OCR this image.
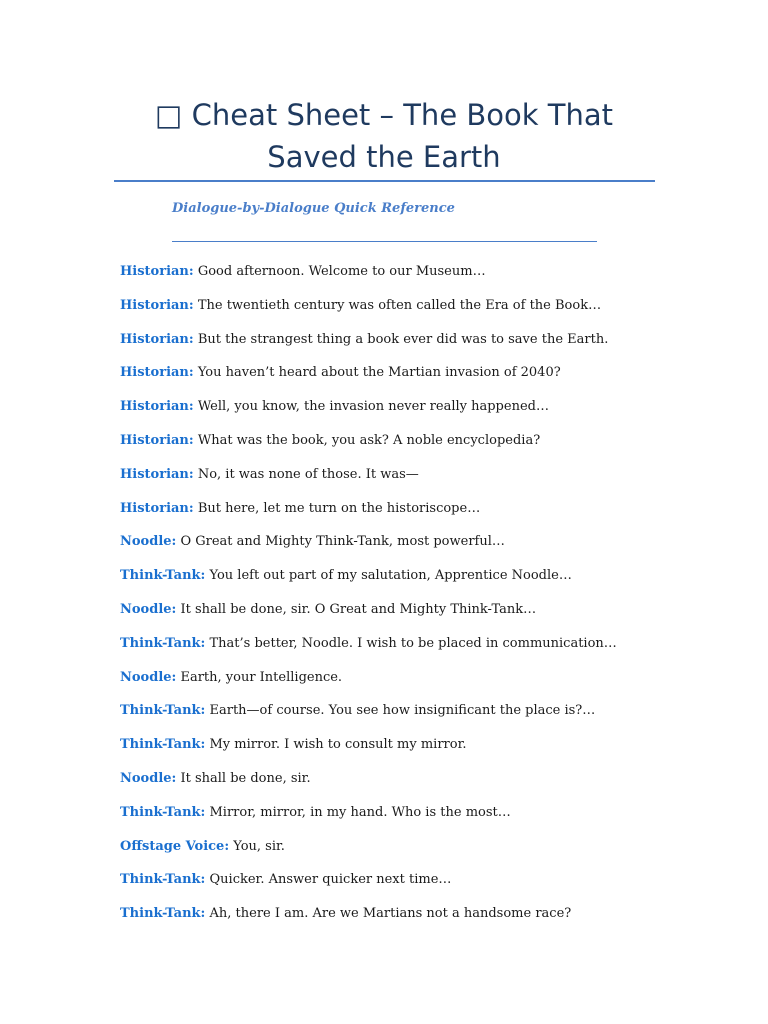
□ Cheat Sheet – The Book That Saved the Earth

Dialogue-by-Dialogue Quick Reference

Historian: Good afternoon. Welcome to our Museum…
Historian: The twentieth century was often called the Era of the Book…
Historian: But the strangest thing a book ever did was to save the Earth.
Historian: You haven’t heard about the Martian invasion of 2040?
Historian: Well, you know, the invasion never really happened…
Historian: What was the book, you ask? A noble encyclopedia?
Historian: No, it was none of those. It was—
Historian: But here, let me turn on the historiscope…
Noodle: O Great and Mighty Think-Tank, most powerful…
Think-Tank: You left out part of my salutation, Apprentice Noodle…
Noodle: It shall be done, sir. O Great and Mighty Think-Tank…
Think-Tank: That’s better, Noodle. I wish to be placed in communication…
Noodle: Earth, your Intelligence.
Think-Tank: Earth—of course. You see how insignificant the place is?…
Think-Tank: My mirror. I wish to consult my mirror.
Noodle: It shall be done, sir.
Think-Tank: Mirror, mirror, in my hand. Who is the most…
Offstage Voice: You, sir.
Think-Tank: Quicker. Answer quicker next time…
Think-Tank: Ah, there I am. Are we Martians not a handsome race?
